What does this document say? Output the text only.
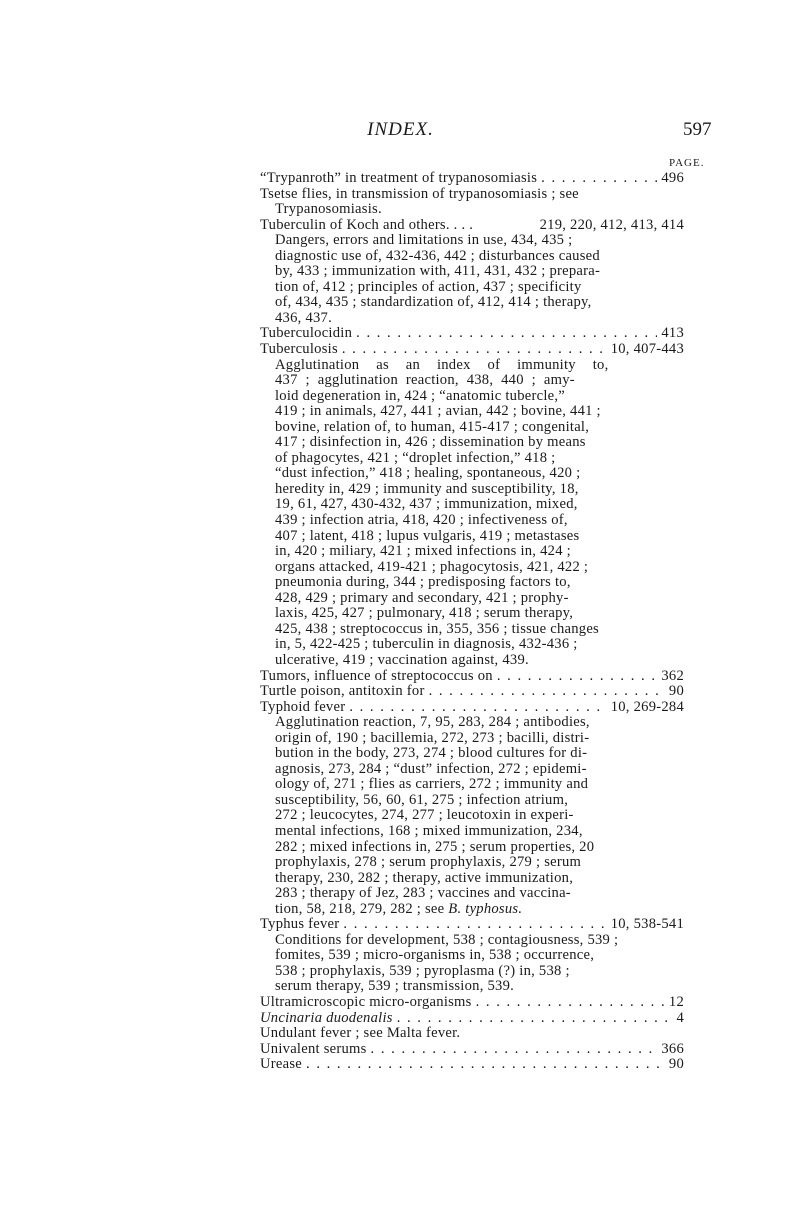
INDEX.	597
PAGE.
“Trypanroth” in treatment of trypanosomiasis . . .	496
Tsetse flies, in transmission of trypanosomiasis ; see
Trypanosomiasis.
Tuberculin of Koch and others. . . .	219, 220, 412, 413, 414
Dangers, errors and limitations in use, 434, 435 ;
diagnostic use of, 432-436, 442 ; disturbances caused
by, 433 ; immunization with, 411, 431, 432 ; prepara-
tion of, 412 ; principles of action, 437 ; specificity
of, 434, 435 ; standardization of, 412, 414 ; therapy,
436, 437.
Tuberculocidin . . .	413
Tuberculosis . . .	10, 407-443
Agglutination as an index of immunity to,
437 ; agglutination reaction, 438, 440 ; amy-
loid degeneration in, 424 ; “anatomic tubercle,”
419 ; in animals, 427, 441 ; avian, 442 ; bovine, 441 ;
bovine, relation of, to human, 415-417 ; congenital,
417 ; disinfection in, 426 ; dissemination by means
of phagocytes, 421 ; “droplet infection,” 418 ;
“dust infection,” 418 ; healing, spontaneous, 420 ;
heredity in, 429 ; immunity and susceptibility, 18,
19, 61, 427, 430-432, 437 ; immunization, mixed,
439 ; infection atria, 418, 420 ; infectiveness of,
407 ; latent, 418 ; lupus vulgaris, 419 ; metastases
in, 420 ; miliary, 421 ; mixed infections in, 424 ;
organs attacked, 419-421 ; phagocytosis, 421, 422 ;
pneumonia during, 344 ; predisposing factors to,
428, 429 ; primary and secondary, 421 ; prophy-
laxis, 425, 427 ; pulmonary, 418 ; serum therapy,
425, 438 ; streptococcus in, 355, 356 ; tissue changes
in, 5, 422-425 ; tuberculin in diagnosis, 432-436 ;
ulcerative, 419 ; vaccination against, 439.
Tumors, influence of streptococcus on . . .	362
Turtle poison, antitoxin for . . .	90
Typhoid fever . . .	10, 269-284
Agglutination reaction, 7, 95, 283, 284 ; antibodies,
origin of, 190 ; bacillemia, 272, 273 ; bacilli, distri-
bution in the body, 273, 274 ; blood cultures for di-
agnosis, 273, 284 ; “dust” infection, 272 ; epidemi-
ology of, 271 ; flies as carriers, 272 ; immunity and
susceptibility, 56, 60, 61, 275 ; infection atrium,
272 ; leucocytes, 274, 277 ; leucotoxin in experi-
mental infections, 168 ; mixed immunization, 234,
282 ; mixed infections in, 275 ; serum properties, 20
prophylaxis, 278 ; serum prophylaxis, 279 ; serum
therapy, 230, 282 ; therapy, active immunization,
283 ; therapy of Jez, 283 ; vaccines and vaccina-
tion, 58, 218, 279, 282 ; see B. typhosus.
Typhus fever . . .	10, 538-541
Conditions for development, 538 ; contagiousness, 539 ;
fomites, 539 ; micro-organisms in, 538 ; occurrence,
538 ; prophylaxis, 539 ; pyroplasma (?) in, 538 ;
serum therapy, 539 ; transmission, 539.
Ultramicroscopic micro-organisms . . .	12
Uncinaria duodenalis . . .	4
Undulant fever ; see Malta fever.
Univalent serums . . .	366
Urease . . .	90
